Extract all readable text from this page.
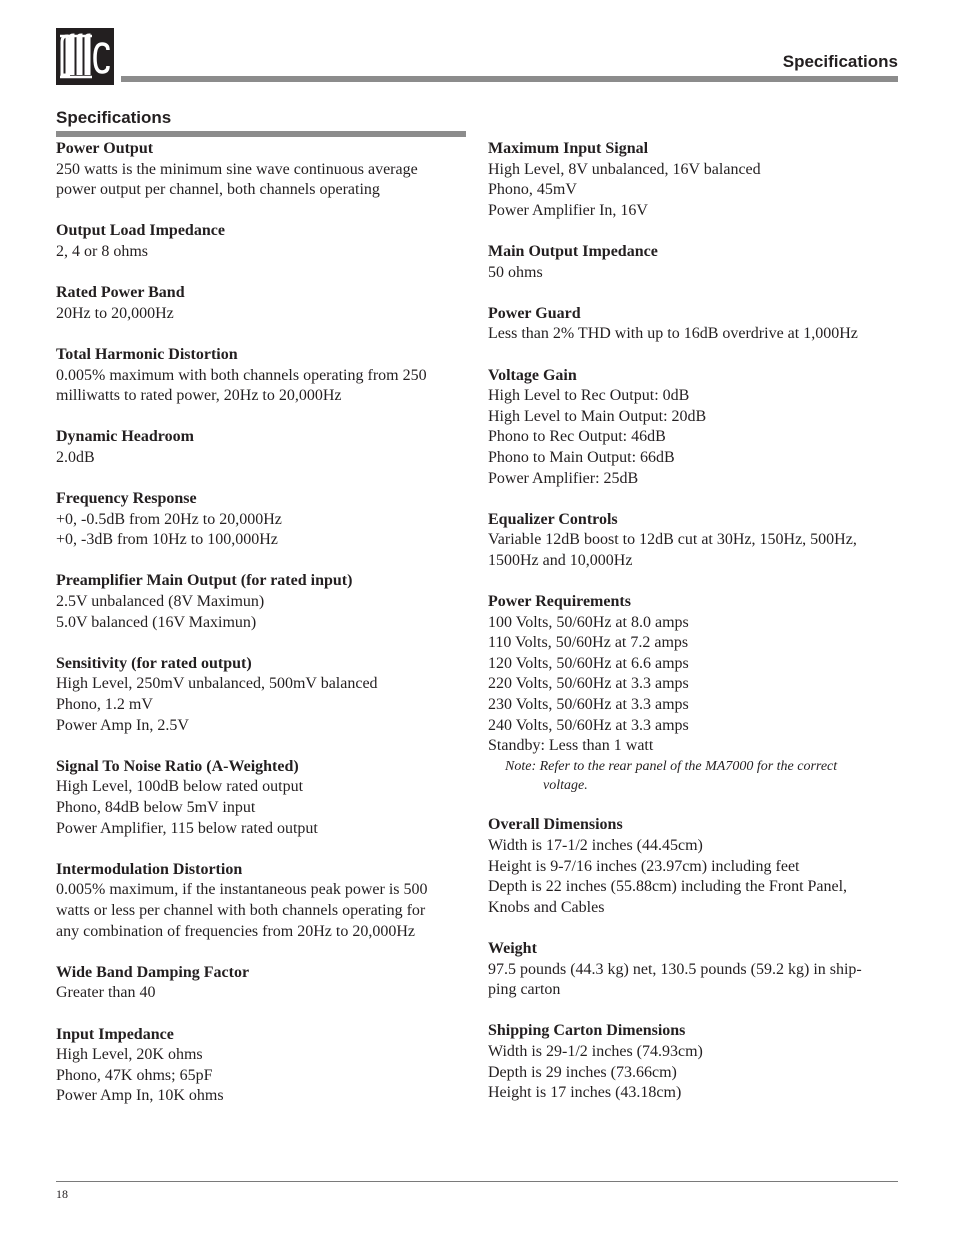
Specifications
Specifications
Power Output
250 watts is the minimum sine wave continuous average
power output per channel, both channels operating
Output Load Impedance
2, 4 or 8 ohms
Rated Power Band
20Hz to 20,000Hz
Total Harmonic Distortion
0.005% maximum with both channels operating from 250
milliwatts to rated power, 20Hz to 20,000Hz
Dynamic Headroom
2.0dB
Frequency Response
+0, -0.5dB from 20Hz to 20,000Hz
+0, -3dB from 10Hz to 100,000Hz
Preamplifier Main Output (for rated input)
2.5V unbalanced (8V Maximun)
5.0V balanced (16V Maximun)
Sensitivity (for rated output)
High Level, 250mV unbalanced, 500mV balanced
Phono, 1.2 mV
Power Amp In, 2.5V
Signal To Noise Ratio (A-Weighted)
High Level, 100dB below rated output
Phono, 84dB below 5mV input
Power Amplifier, 115 below rated output
Intermodulation Distortion
0.005% maximum, if the instantaneous peak power is 500
watts or less per channel with both channels operating for
any combination of frequencies from 20Hz to 20,000Hz
Wide Band Damping Factor
Greater than 40
Input Impedance
High Level, 20K ohms
Phono, 47K ohms; 65pF
Power Amp In, 10K ohms
Maximum Input Signal
High Level, 8V unbalanced, 16V balanced
Phono, 45mV
Power Amplifier In, 16V
Main Output Impedance
50 ohms
Power Guard
Less than 2% THD with up to 16dB overdrive at 1,000Hz
Voltage Gain
High Level to Rec Output: 0dB
High Level to Main Output: 20dB
Phono to Rec Output: 46dB
Phono to Main Output: 66dB
Power Amplifier: 25dB
Equalizer Controls
Variable 12dB boost to 12dB cut at 30Hz, 150Hz, 500Hz,
1500Hz and 10,000Hz
Power Requirements
100 Volts, 50/60Hz at 8.0 amps
110 Volts, 50/60Hz at 7.2 amps
120 Volts, 50/60Hz at 6.6 amps
220 Volts, 50/60Hz at 3.3 amps
230 Volts, 50/60Hz at 3.3 amps
240 Volts, 50/60Hz at 3.3 amps
Standby: Less than 1 watt
Note: Refer to the rear panel of the MA7000 for the correct
voltage.
Overall Dimensions
Width is 17-1/2 inches (44.45cm)
Height is 9-7/16 inches (23.97cm) including feet
Depth is 22 inches (55.88cm) including the Front Panel,
Knobs and Cables
Weight
97.5 pounds (44.3 kg) net, 130.5 pounds (59.2 kg) in ship-
ping carton
Shipping Carton Dimensions
Width is 29-1/2 inches (74.93cm)
Depth is 29 inches (73.66cm)
Height is 17 inches (43.18cm)
18
